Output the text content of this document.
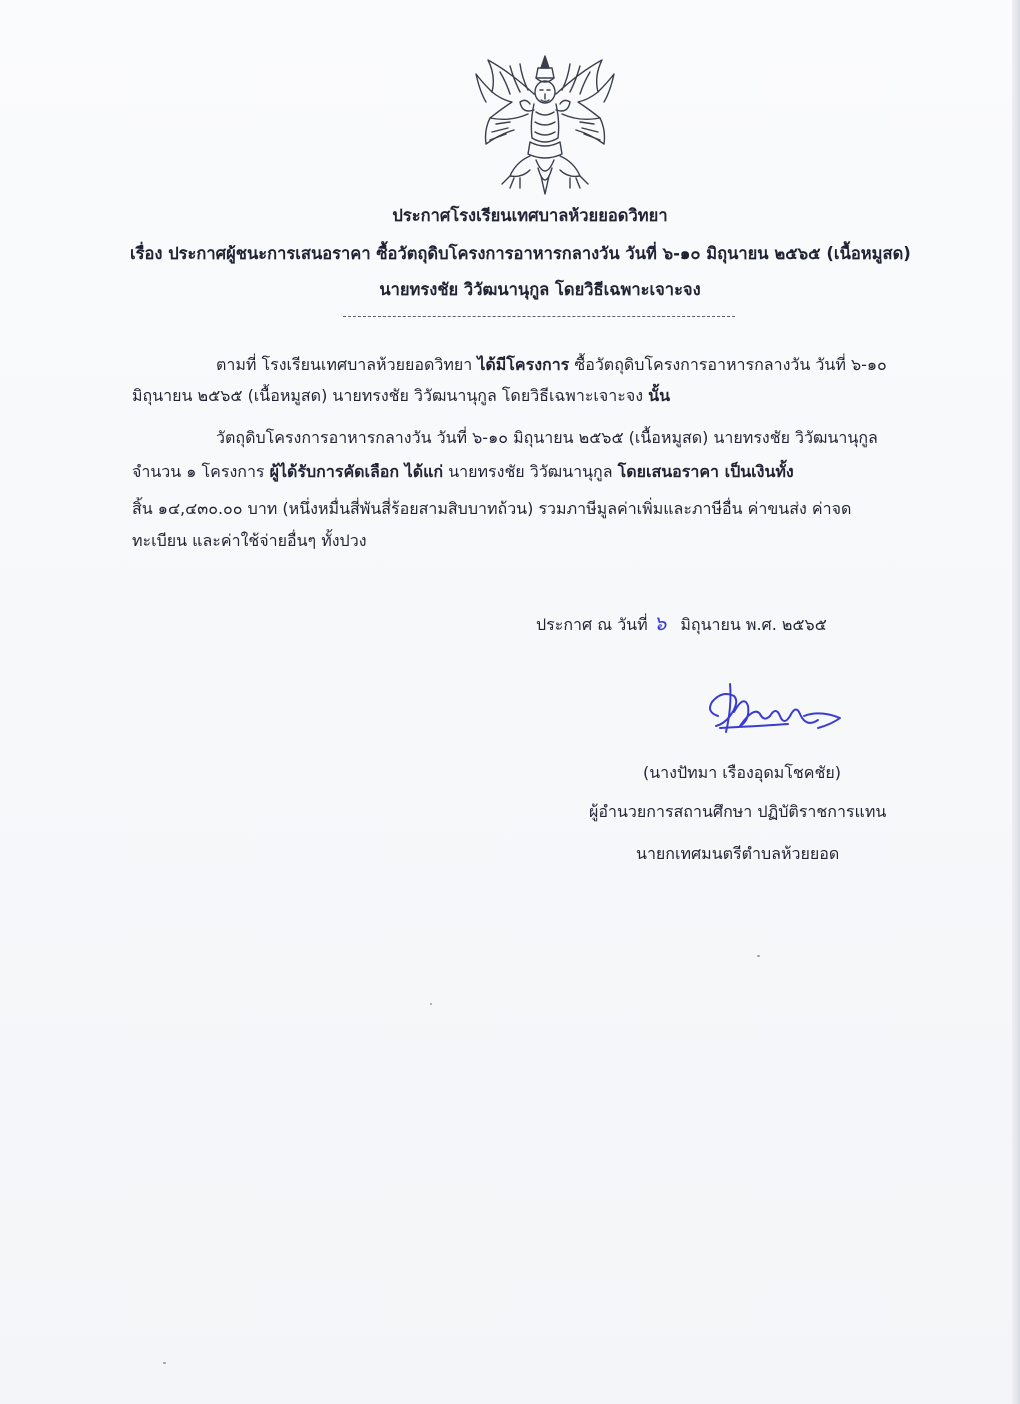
ประกาศโรงเรียนเทศบาลห้วยยอดวิทยา
เรื่อง ประกาศผู้ชนะการเสนอราคา ซื้อวัตถุดิบโครงการอาหารกลางวัน วันที่ ๖-๑๐ มิถุนายน ๒๕๖๕ (เนื้อหมูสด)
นายทรงชัย วิวัฒนานุกูล โดยวิธีเฉพาะเจาะจง
ตามที่ โรงเรียนเทศบาลห้วยยอดวิทยา ได้มีโครงการ ซื้อวัตถุดิบโครงการอาหารกลางวัน วันที่ ๖-๑๐
มิถุนายน ๒๕๖๕ (เนื้อหมูสด) นายทรงชัย วิวัฒนานุกูล โดยวิธีเฉพาะเจาะจง นั้น
วัตถุดิบโครงการอาหารกลางวัน วันที่ ๖-๑๐ มิถุนายน ๒๕๖๕ (เนื้อหมูสด) นายทรงชัย วิวัฒนานุกูล
จำนวน ๑ โครงการ ผู้ได้รับการคัดเลือก ได้แก่ นายทรงชัย วิวัฒนานุกูล โดยเสนอราคา เป็นเงินทั้ง
สิ้น ๑๔,๔๓๐.๐๐ บาท (หนึ่งหมื่นสี่พันสี่ร้อยสามสิบบาทถ้วน) รวมภาษีมูลค่าเพิ่มและภาษีอื่น ค่าขนส่ง ค่าจด
ทะเบียน และค่าใช้จ่ายอื่นๆ ทั้งปวง
ประกาศ ณ วันที่ ๖ มิถุนายน พ.ศ. ๒๕๖๕
(นางปัทมา เรืองอุดมโชคชัย)
ผู้อำนวยการสถานศึกษา ปฏิบัติราชการแทน
นายกเทศมนตรีตำบลห้วยยอด
